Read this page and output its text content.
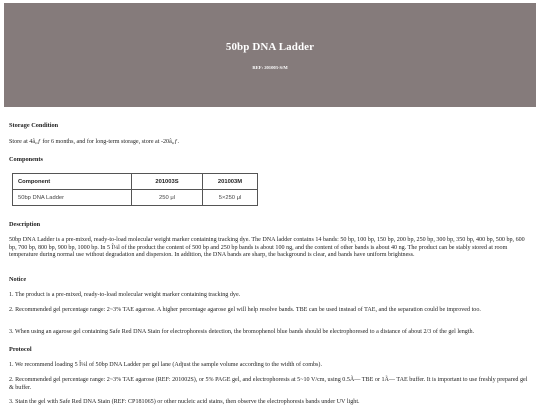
50bp DNA Ladder
REF: 201003-S/M

Storage Condition

Store at 4â„ƒ for 6 months, and for long-term storage, store at -20â„ƒ.

Components

Component	201003S	201003M
50bp DNA Ladder	250 μl	5×250 μl

Description

50bp DNA Ladder is a pre-mixed, ready-to-load molecular weight marker containing tracking dye. The DNA ladder contains 14 bands: 50 bp, 100 bp, 150 bp, 200 bp, 250 bp, 300 bp, 350 bp, 400 bp, 500 bp, 600 bp, 700 bp, 800 bp, 900 bp, 1000 bp. In 5 Î¼l of the product the content of 500 bp and 250 bp bands is about 100 ng, and the content of other bands is about 40 ng. The product can be stably stored at room temperature during normal use without degradation and dispersion. In addition, the DNA bands are sharp, the background is clear, and bands have uniform brightness.

Notice

1. The product is a pre-mixed, ready-to-load molecular weight marker containing tracking dye.

2. Recommended gel percentage range: 2~3% TAE agarose. A higher percentage agarose gel will help resolve bands. TBE can be used instead of TAE, and the separation could be improved too.

3. When using an agarose gel containing Safe Red DNA Stain for electrophoresis detection, the bromophenol blue bands should be electrophoresed to a distance of about 2/3 of the gel length.

Protocol

1. We recommend loading 5 Î¼l of 50bp DNA Ladder per gel lane (Adjust the sample volume according to the width of combs).

2. Recommended gel percentage range: 2~3% TAE agarose (REF: 201002S), or 5% PAGE gel, and electrophoresis at 5~10 V/cm, using 0.5Ã— TBE or 1Ã— TAE buffer. It is important to use freshly prepared gel & buffer.

3. Stain the gel with Safe Red DNA Stain (REF: CP181065) or other nucleic acid stains, then observe the electrophoresis bands under UV light.
